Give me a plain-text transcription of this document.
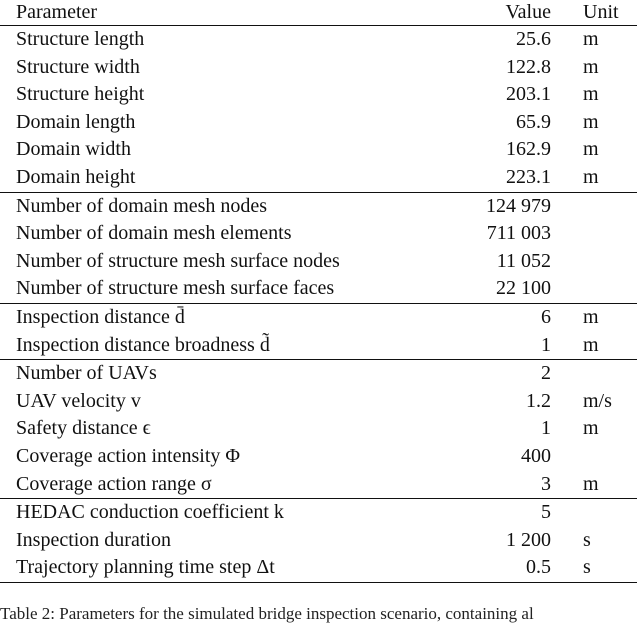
Parameter	Value Unit
Structure length	25.6 m
Structure width	122.8 m
Structure height	203.1 m
Domain length	65.9 m
Domain width	162.9 m
Domain height	223.1 m
Number of domain mesh nodes	124 979
Number of domain mesh elements	711 003
Number of structure mesh surface nodes	11 052
Number of structure mesh surface faces	22 100
Inspection distance d̄	6 m
Inspection distance broadness d̃	1 m
Number of UAVs	2
UAV velocity v	1.2 m/s
Safety distance ϵ	1 m
Coverage action intensity Φ	400
Coverage action range σ	3 m
HEDAC conduction coefficient k	5
Inspection duration	1 200 s
Trajectory planning time step Δt	0.5 s
Table 2: Parameters for the simulated bridge inspection scenario, containing al
